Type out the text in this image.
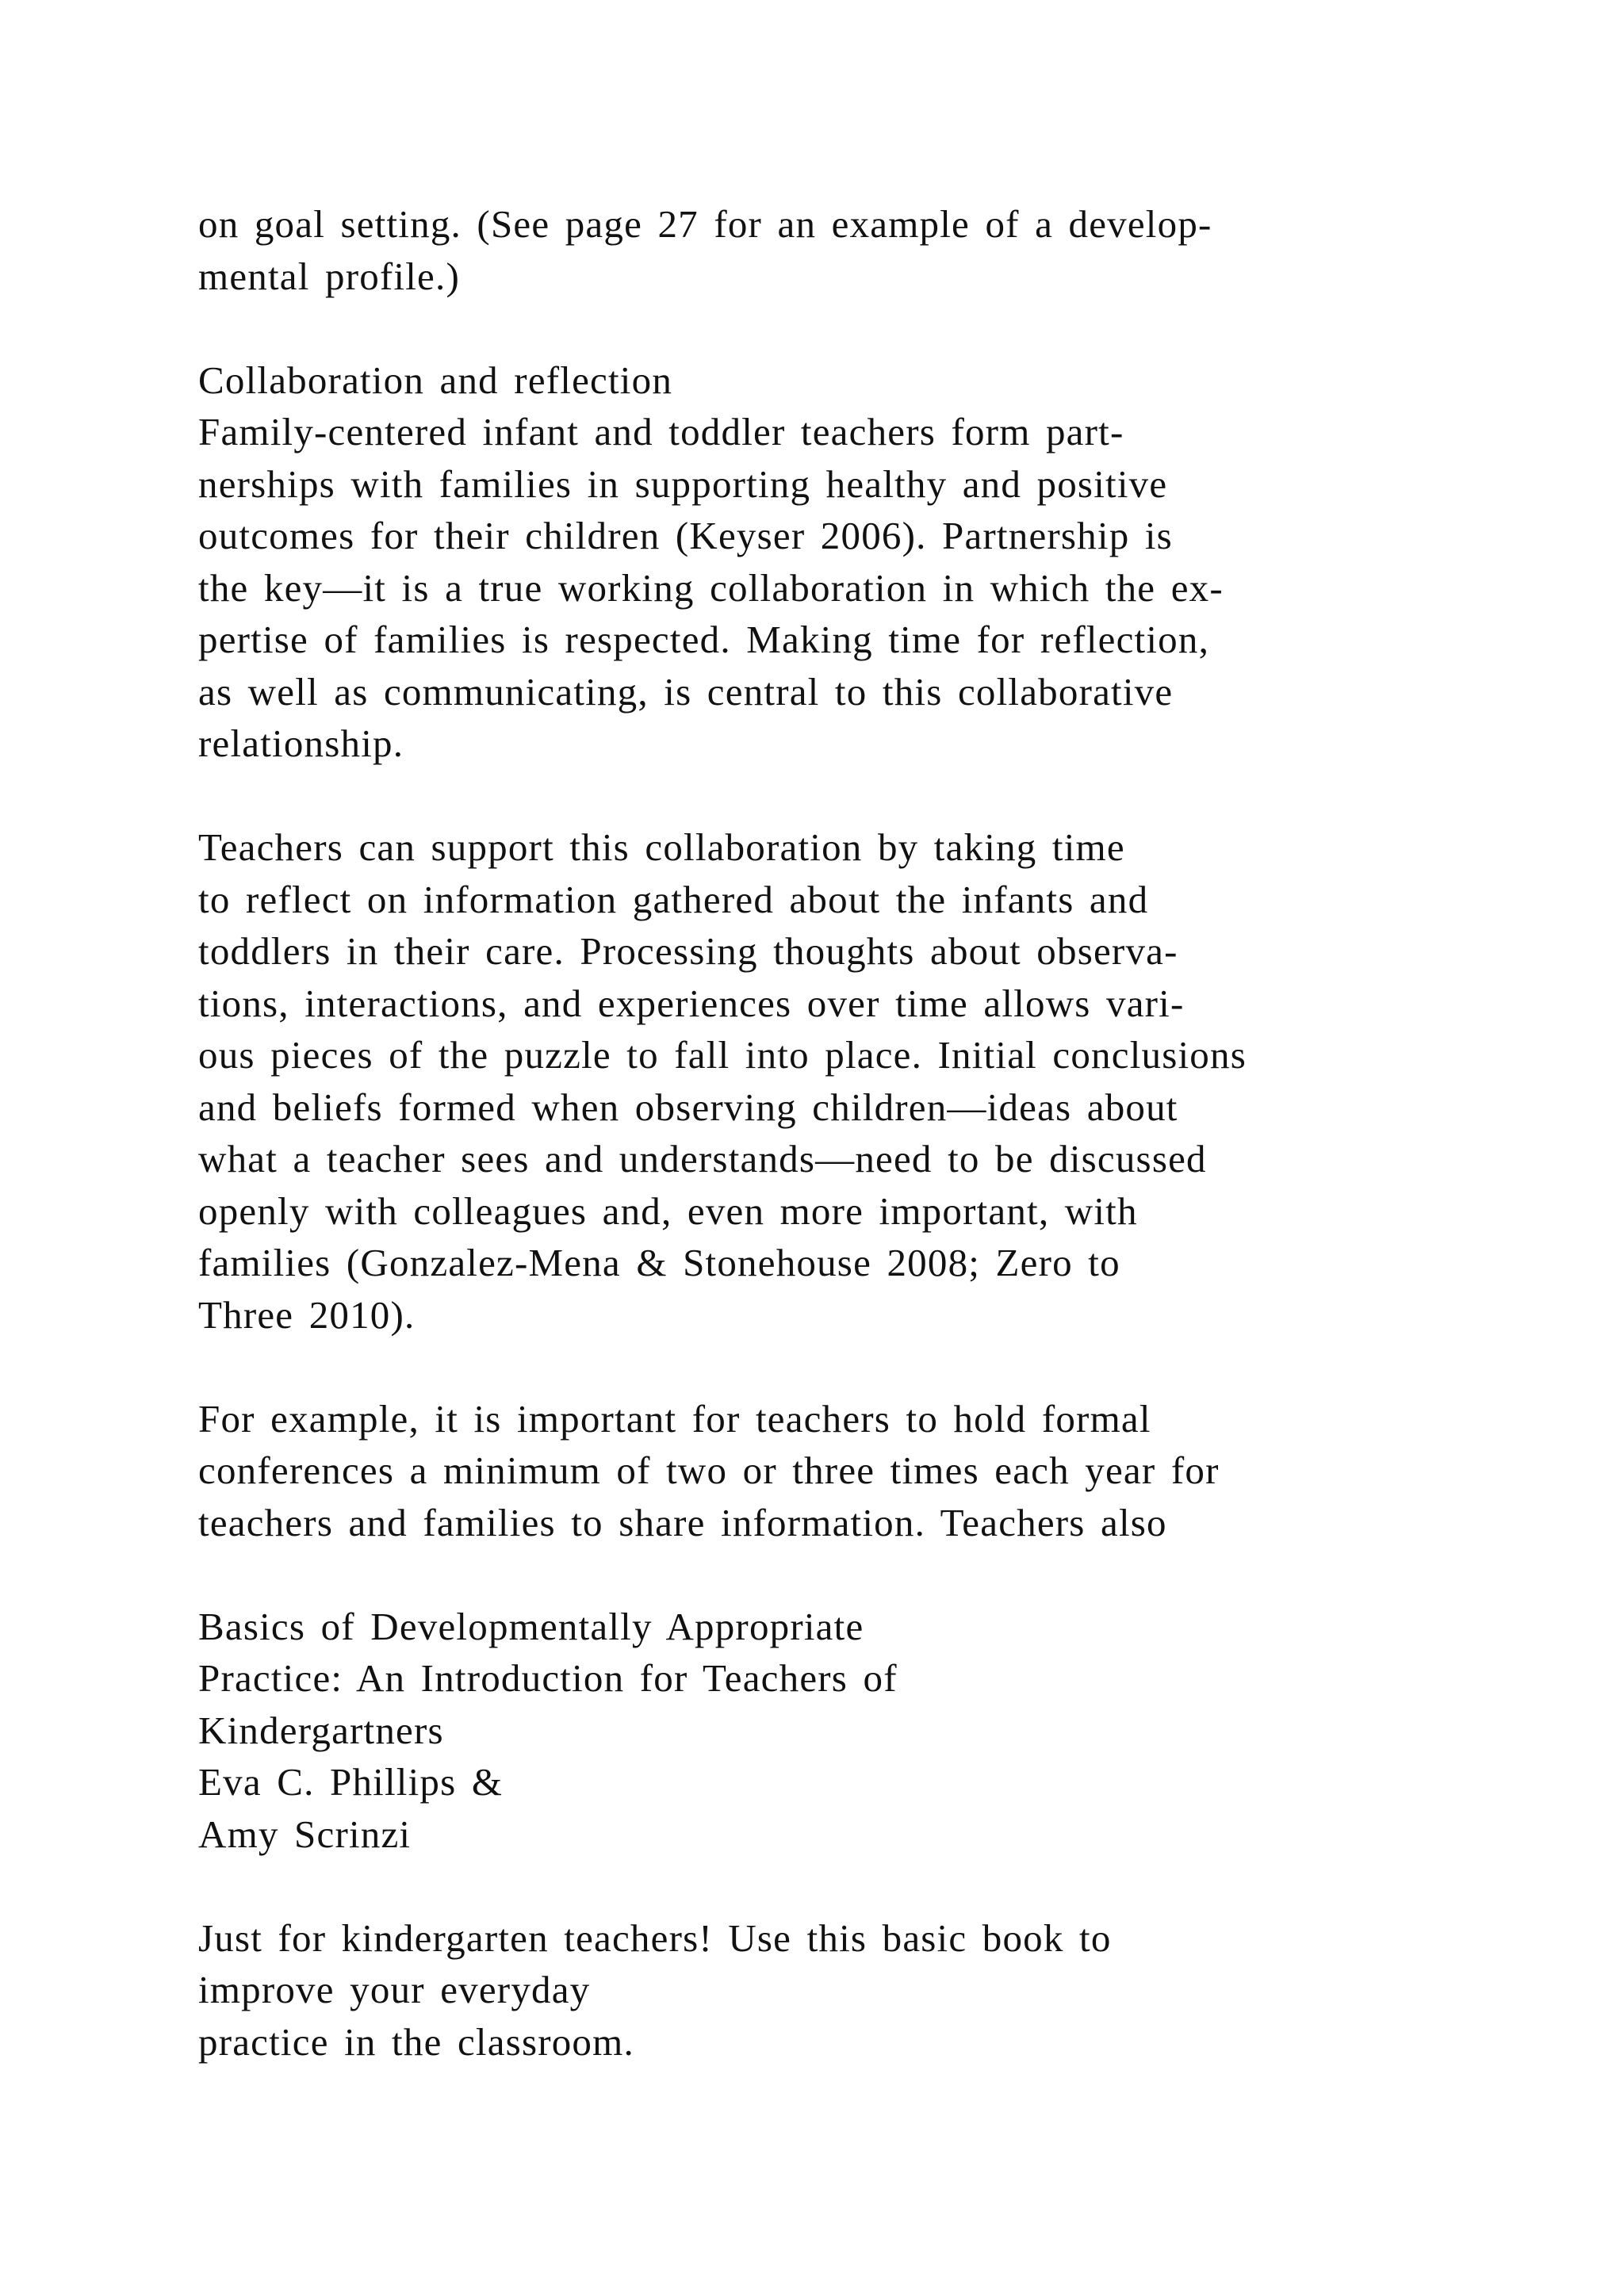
on goal setting. (See page 27 for an example of a develop-
mental profile.)
Collaboration and reflection
Family-centered infant and toddler teachers form part-
nerships with families in supporting healthy and positive
outcomes for their children (Keyser 2006). Partnership is
the key—it is a true working collaboration in which the ex-
pertise of families is respected. Making time for reflection,
as well as communicating, is central to this collaborative
relationship.
Teachers can support this collaboration by taking time
to reflect on information gathered about the infants and
toddlers in their care. Processing thoughts about observa-
tions, interactions, and experiences over time allows vari-
ous pieces of the puzzle to fall into place. Initial conclusions
and beliefs formed when observing children—ideas about
what a teacher sees and understands—need to be discussed
openly with colleagues and, even more important, with
families (Gonzalez-Mena & Stonehouse 2008; Zero to
Three 2010).
For example, it is important for teachers to hold formal
conferences a minimum of two or three times each year for
teachers and families to share information. Teachers also
Basics of Developmentally Appropriate
Practice: An Introduction for Teachers of
Kindergartners
Eva C. Phillips &
Amy Scrinzi
Just for kindergarten teachers! Use this basic book to
improve your everyday
practice in the classroom.
